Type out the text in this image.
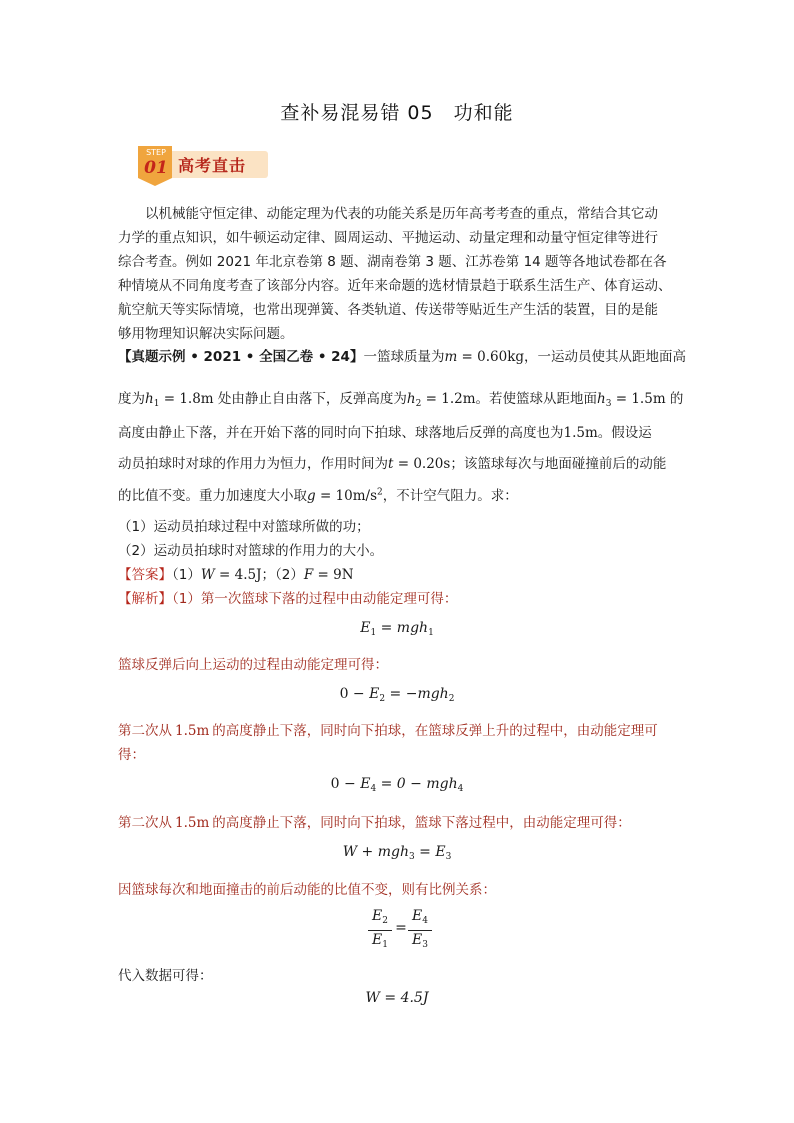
查补易混易错 05　功和能
STEP
01 高考直击
以机械能守恒定律、动能定理为代表的功能关系是历年高考考查的重点，常结合其它动
力学的重点知识，如牛顿运动定律、圆周运动、平抛运动、动量定理和动量守恒定律等进行
综合考查。例如 2021 年北京卷第 8 题、湖南卷第 3 题、江苏卷第 14 题等各地试卷都在各
种情境从不同角度考查了该部分内容。近年来命题的选材情景趋于联系生活生产、体育运动、
航空航天等实际情境，也常出现弹簧、各类轨道、传送带等贴近生产生活的装置，目的是能
够用物理知识解决实际问题。
【真题示例 • 2021 • 全国乙卷 • 24】一篮球质量为m = 0.60kg，一运动员使其从距地面高
度为$h_1 = 1.8m$ 处由静止自由落下，反弹高度为$h_2 = 1.2m$。若使篮球从距地面$h_3 = 1.5m$ 的
高度由静止下落，并在开始下落的同时向下拍球、球落地后反弹的高度也为1.5m。假设运
动员拍球时对球的作用力为恒力，作用时间为t = 0.20s；该篮球每次与地面碰撞前后的动能
的比值不变。重力加速度大小取$g = 10m/s^2$，不计空气阻力。求：
（1）运动员拍球过程中对篮球所做的功；
（2）运动员拍球时对篮球的作用力的大小。
【答案】（1）W = 4.5J；（2）F = 9N
【解析】（1）第一次篮球下落的过程中由动能定理可得：
$E_1 = mgh_1$
篮球反弹后向上运动的过程由动能定理可得：
$0 - E_2 = -mgh_2$
第二次从 1.5m 的高度静止下落，同时向下拍球，在篮球反弹上升的过程中，由动能定理可
得：
$0 - E_4 = 0 - mgh_4$
第二次从 1.5m 的高度静止下落，同时向下拍球，篮球下落过程中，由动能定理可得：
$W + mgh_3 = E_3$
因篮球每次和地面撞击的前后动能的比值不变，则有比例关系：
$E_2$
$E_1$
=
$E_4$
$E_3$
代入数据可得：
W = 4.5J
